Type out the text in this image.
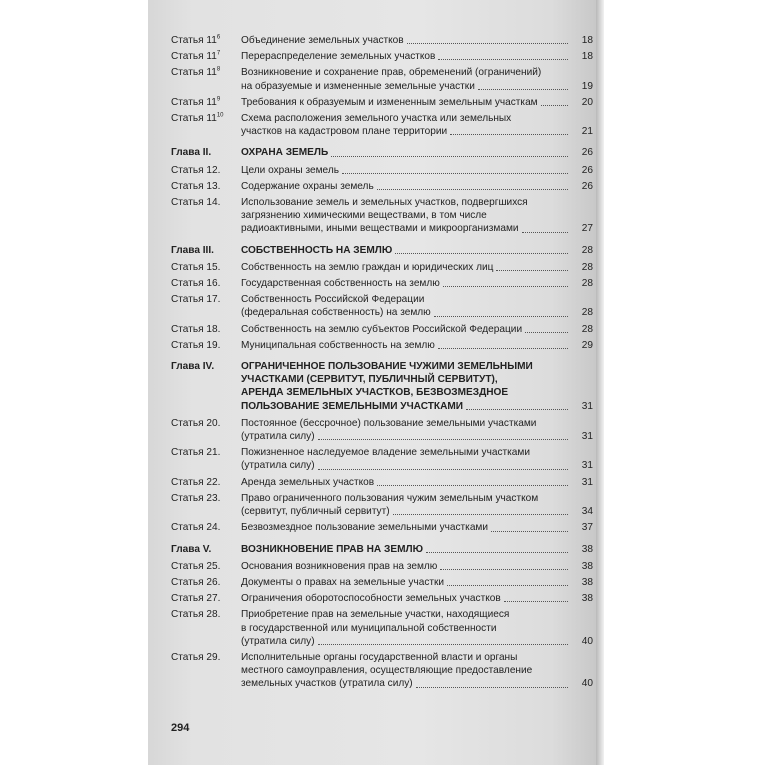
Статья $11^6$	Объединение земельных участков	18
Статья $11^7$	Перераспределение земельных участков	18
Статья $11^8$	Возникновение и сохранение прав, обременений (ограничений)
на образуемые и измененные земельные участки	19
Статья $11^9$	Требования к образуемым и измененным земельным участкам	20
Статья $11^{10}$	Схема расположения земельного участка или земельных
участков на кадастровом плане территории	21
Глава II.	ОХРАНА ЗЕМЕЛЬ	26
Статья 12.	Цели охраны земель	26
Статья 13.	Содержание охраны земель	26
Статья 14.	Использование земель и земельных участков, подвергшихся
загрязнению химическими веществами, в том числе
радиоактивными, иными веществами и микроорганизмами	27
Глава III.	СОБСТВЕННОСТЬ НА ЗЕМЛЮ	28
Статья 15.	Собственность на землю граждан и юридических лиц	28
Статья 16.	Государственная собственность на землю	28
Статья 17.	Собственность Российской Федерации
(федеральная собственность) на землю	28
Статья 18.	Собственность на землю субъектов Российской Федерации	28
Статья 19.	Муниципальная собственность на землю	29
Глава IV.	ОГРАНИЧЕННОЕ ПОЛЬЗОВАНИЕ ЧУЖИМИ ЗЕМЕЛЬНЫМИ
УЧАСТКАМИ (СЕРВИТУТ, ПУБЛИЧНЫЙ СЕРВИТУТ),
АРЕНДА ЗЕМЕЛЬНЫХ УЧАСТКОВ, БЕЗВОЗМЕЗДНОЕ
ПОЛЬЗОВАНИЕ ЗЕМЕЛЬНЫМИ УЧАСТКАМИ	31
Статья 20.	Постоянное (бессрочное) пользование земельными участками
(утратила силу)	31
Статья 21.	Пожизненное наследуемое владение земельными участками
(утратила силу)	31
Статья 22.	Аренда земельных участков	31
Статья 23.	Право ограниченного пользования чужим земельным участком
(сервитут, публичный сервитут)	34
Статья 24.	Безвозмездное пользование земельными участками	37
Глава V.	ВОЗНИКНОВЕНИЕ ПРАВ НА ЗЕМЛЮ	38
Статья 25.	Основания возникновения прав на землю	38
Статья 26.	Документы о правах на земельные участки	38
Статья 27.	Ограничения оборотоспособности земельных участков	38
Статья 28.	Приобретение прав на земельные участки, находящиеся
в государственной или муниципальной собственности
(утратила силу)	40
Статья 29.	Исполнительные органы государственной власти и органы
местного самоуправления, осуществляющие предоставление
земельных участков (утратила силу)	40
294
